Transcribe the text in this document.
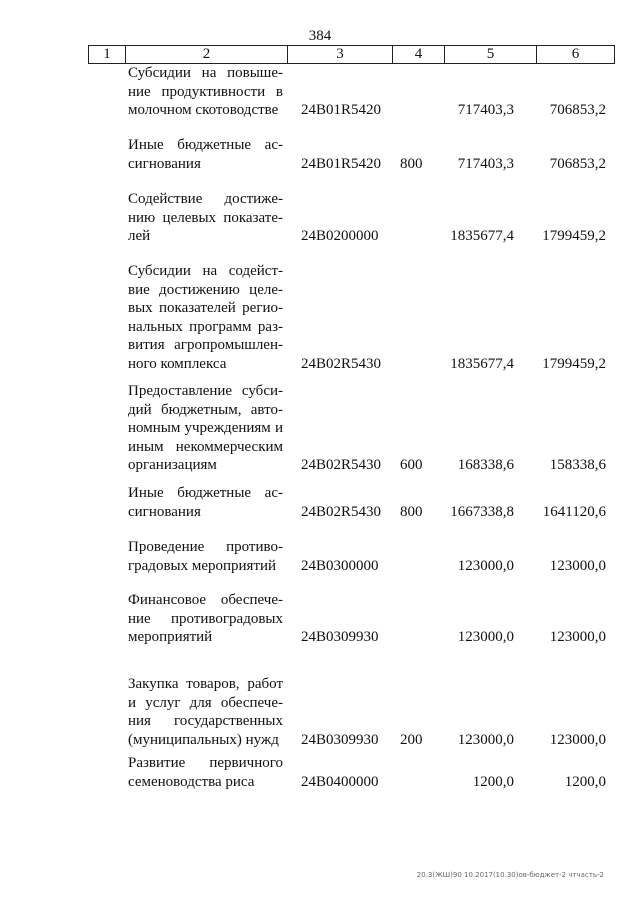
384
1	2	3	4	5	6
Субсидии на повыше-
ние продуктивности в
молочном скотоводстве	24В01R5420	717403,3 706853,2
Иные бюджетные ас-
сигнования	24В01R5420 800 717403,3 706853,2
Содействие достиже-
нию целевых показате-
лей	24В0200000	1835677,4 1799459,2
Субсидии на содейст-
вие достижению целе-
вых показателей регио-
нальных программ раз-
вития агропромышлен-
ного комплекса	24В02R5430	1835677,4 1799459,2
Предоставление субси-
дий бюджетным, авто-
номным учреждениям и
иным некоммерческим
организациям	24В02R5430 600 168338,6 158338,6
Иные бюджетные ас-
сигнования	24В02R5430 800 1667338,8 1641120,6
Проведение противо-
градовых мероприятий	24В0300000	123000,0 123000,0
Финансовое обеспече-
ние противоградовых
мероприятий	24В0309930	123000,0 123000,0
Закупка товаров, работ
и услуг для обеспече-
ния государственных
(муниципальных) нужд 24В0309930 200 123000,0 123000,0
Развитие первичного
семеноводства риса	24В0400000	1200,0	1200,0
20.3(ЖШ)90 10.2017(10.30)ов-бюджет-2 чтчасть-2
